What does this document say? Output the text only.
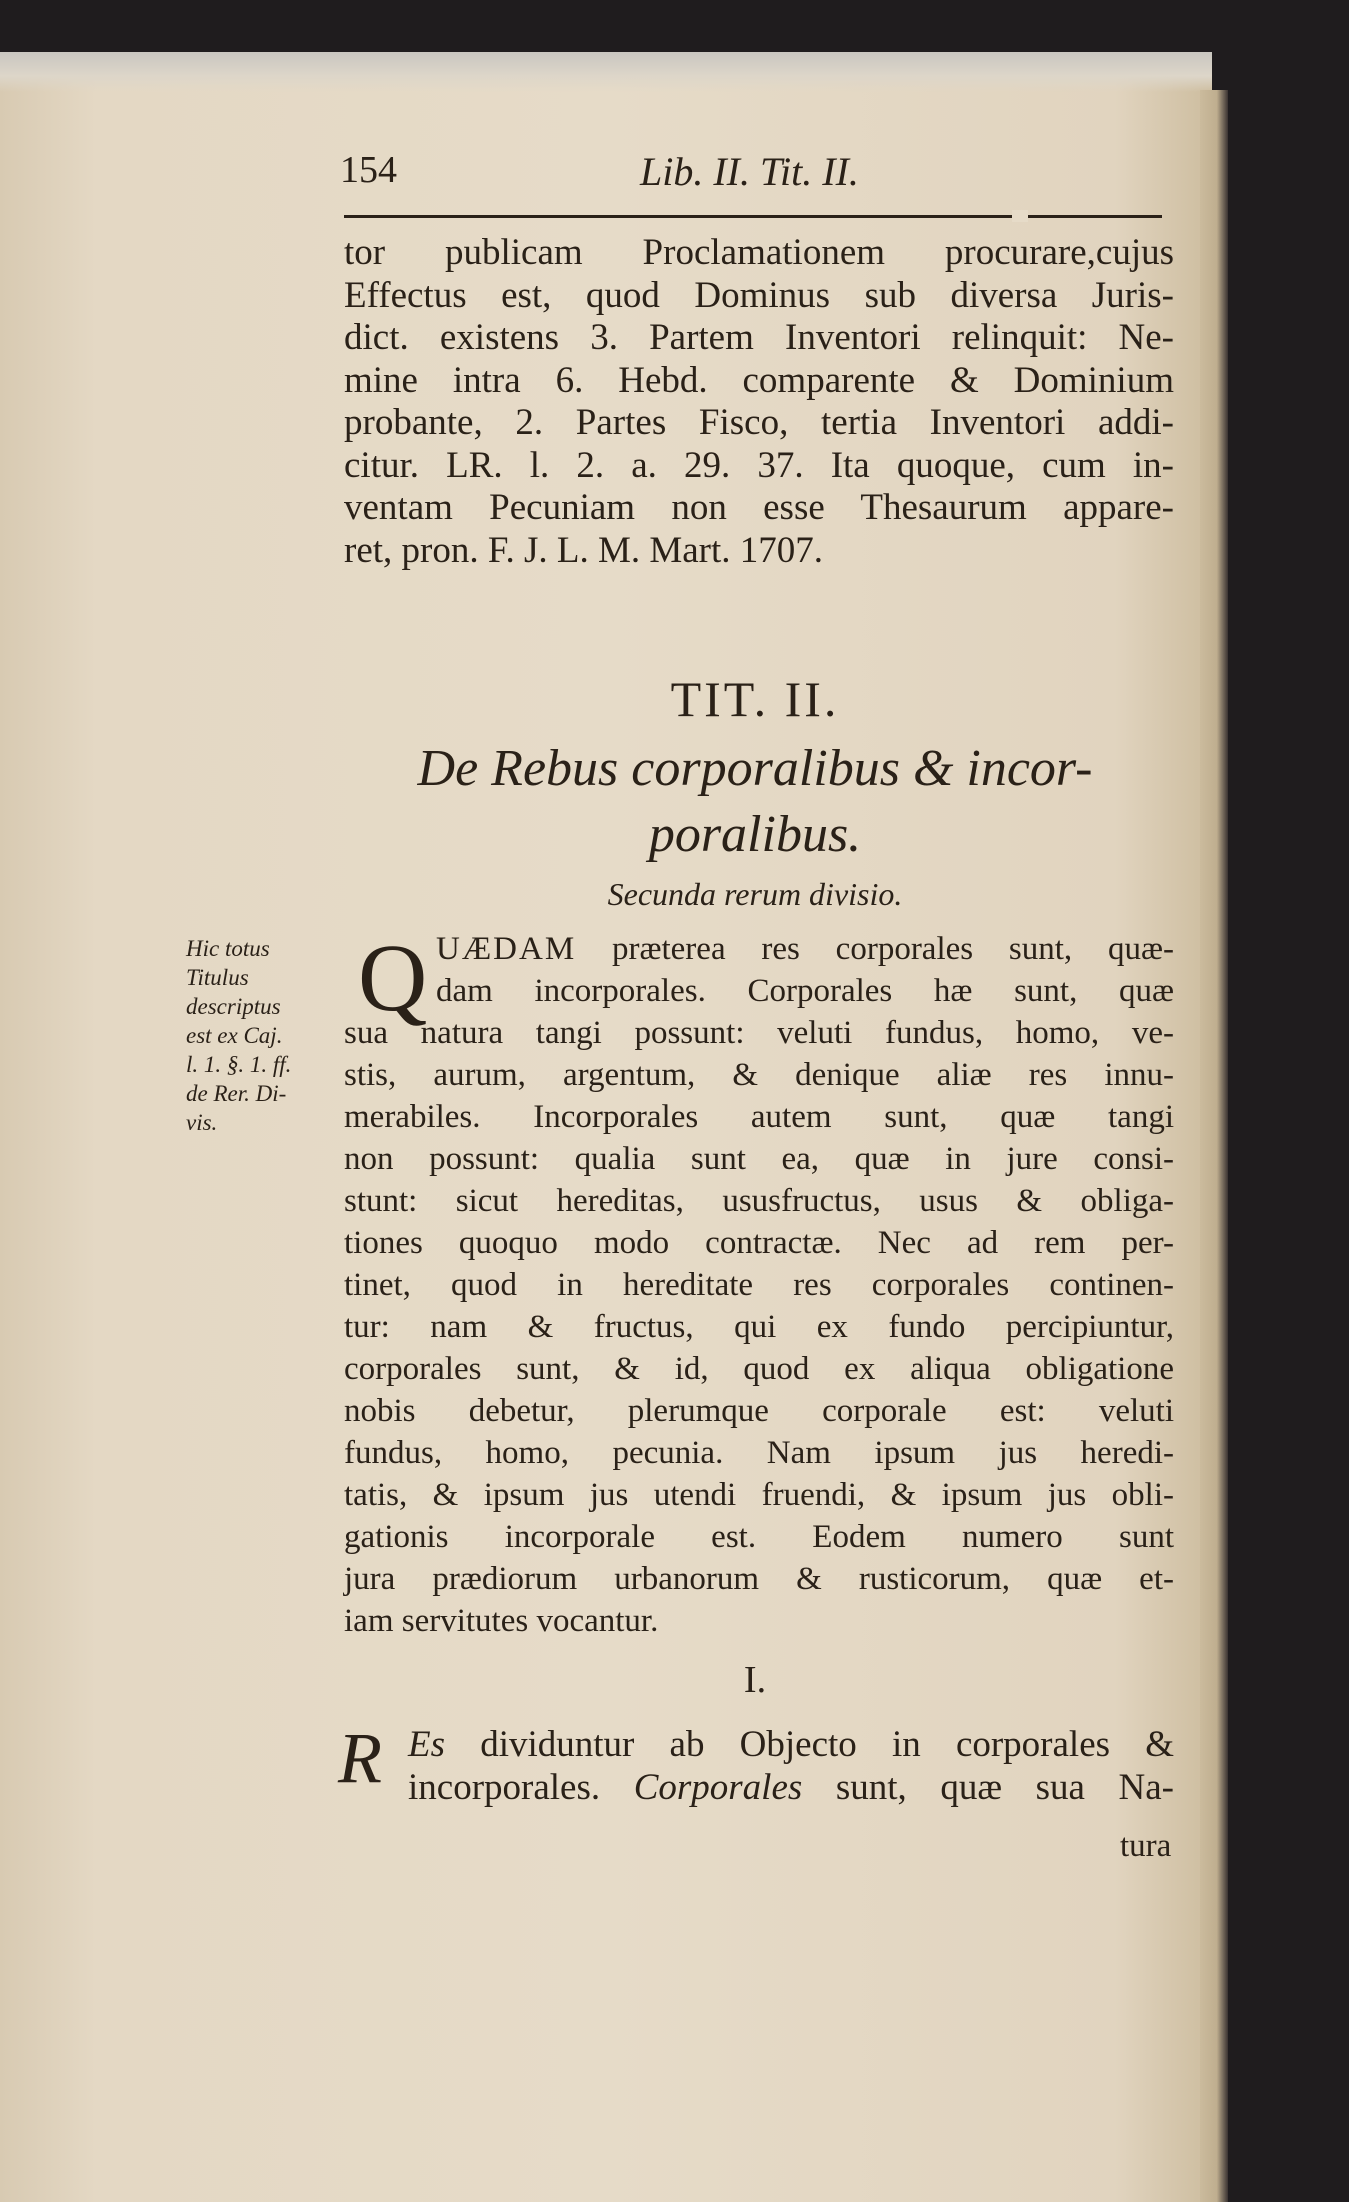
154	Lib. II. Tit. II.

tor publicam Proclamationem procurare,cujus

Effectus est, quod Dominus sub diversa Juris-

dict. existens 3. Partem Inventori relinquit: Ne-

mine intra 6. Hebd. comparente & Dominium

probante, 2. Partes Fisco, tertia Inventori addi-

citur. LR. l. 2. a. 29. 37. Ita quoque, cum in-

ventam Pecuniam non esse Thesaurum appare-

ret, pron. F. J. L. M. Mart. 1707.

TIT. II.
De Rebus corporalibus & incor-
poralibus.
Secunda rerum divisio.
Hic totus
Titulus
descriptus
est ex Caj.
l. 1. §. 1. ff.
de Rer. Di-
vis.
Q UÆDAM præterea res corporales sunt, quæ-

dam incorporales. Corporales hæ sunt, quæ

sua natura tangi possunt: veluti fundus, homo, ve-

stis, aurum, argentum, & denique aliæ res innu-

merabiles. Incorporales autem sunt, quæ tangi

non possunt: qualia sunt ea, quæ in jure consi-

stunt: sicut hereditas, ususfructus, usus & obliga-

tiones quoquo modo contractæ. Nec ad rem per-

tinet, quod in hereditate res corporales continen-

tur: nam & fructus, qui ex fundo percipiuntur,

corporales sunt, & id, quod ex aliqua obligatione

nobis debetur, plerumque corporale est: veluti

fundus, homo, pecunia. Nam ipsum jus heredi-

tatis, & ipsum jus utendi fruendi, & ipsum jus obli-

gationis incorporale est. Eodem numero sunt

jura prædiorum urbanorum & rusticorum, quæ et-

iam servitutes vocantur.

I.
R Es dividuntur ab Objecto in corporales &

incorporales. Corporales sunt, quæ sua Na-

tura
